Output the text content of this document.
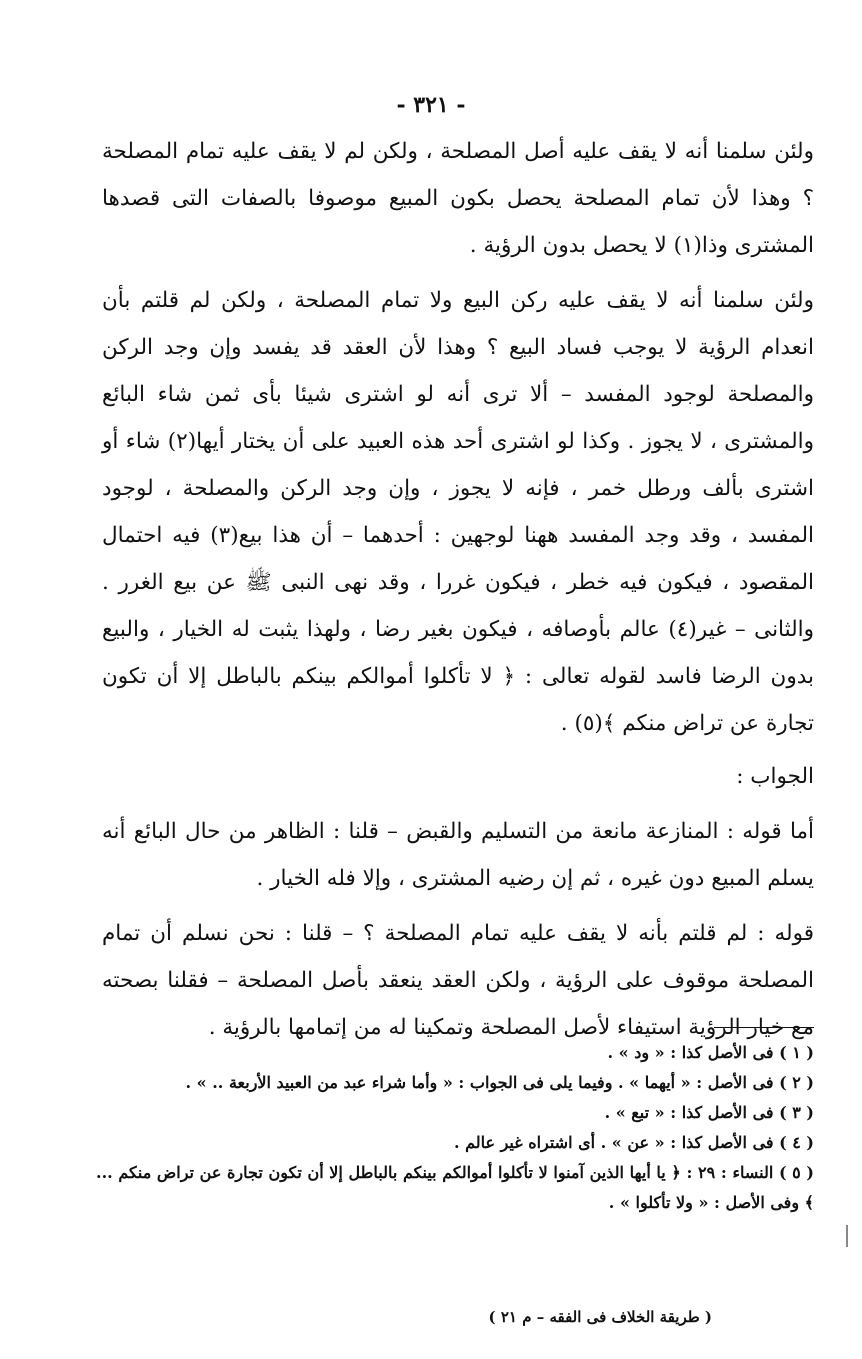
- ٣٢١ -

ولئن سلمنا أنه لا يقف عليه أصل المصلحة ، ولكن لم لا يقف عليه تمام المصلحة ؟ وهذا لأن تمام المصلحة يحصل بكون المبيع موصوفا بالصفات التى قصدها المشترى وذا(١) لا يحصل بدون الرؤية .

ولئن سلمنا أنه لا يقف عليه ركن البيع ولا تمام المصلحة ، ولكن لم قلتم بأن انعدام الرؤية لا يوجب فساد البيع ؟ وهذا لأن العقد قد يفسد وإن وجد الركن والمصلحة لوجود المفسد – ألا ترى أنه لو اشترى شيئا بأى ثمن شاء البائع والمشترى ، لا يجوز . وكذا لو اشترى أحد هذه العبيد على أن يختار أيها(٢) شاء أو اشترى بألف ورطل خمر ، فإنه لا يجوز ، وإن وجد الركن والمصلحة ، لوجود المفسد ، وقد وجد المفسد ههنا لوجهين : أحدهما – أن هذا بيع(٣) فيه احتمال المقصود ، فيكون فيه خطر ، فيكون غررا ، وقد نهى النبى ﷺ عن بيع الغرر . والثانى – غير(٤) عالم بأوصافه ، فيكون بغير رضا ، ولهذا يثبت له الخيار ، والبيع بدون الرضا فاسد لقوله تعالى : ﴿ لا تأكلوا أموالكم بينكم بالباطل إلا أن تكون تجارة عن تراض منكم ﴾(٥) .

الجواب :

أما قوله : المنازعة مانعة من التسليم والقبض – قلنا : الظاهر من حال البائع أنه يسلم المبيع دون غيره ، ثم إن رضيه المشترى ، وإلا فله الخيار .

قوله : لم قلتم بأنه لا يقف عليه تمام المصلحة ؟ – قلنا : نحن نسلم أن تمام المصلحة موقوف على الرؤية ، ولكن العقد ينعقد بأصل المصلحة – فقلنا بصحته مع خيار الرؤية استيفاء لأصل المصلحة وتمكينا له من إتمامها بالرؤية .

( ١ ) فى الأصل كذا : « ود » .

( ٢ ) فى الأصل : « أيهما » . وفيما يلى فى الجواب : « وأما شراء عبد من العبيد الأربعة .. » .

( ٣ ) فى الأصل كذا : « تبع » .

( ٤ ) فى الأصل كذا : « عن » . أى اشتراه غير عالم .

( ٥ ) النساء : ٢٩ : ﴿ يا أيها الذين آمنوا لا تأكلوا أموالكم بينكم بالباطل إلا أن تكون تجارة عن تراض منكم ... ﴾ وفى الأصل : « ولا تأكلوا » .

( طريقة الخلاف فى الفقه – م ٢١ )
